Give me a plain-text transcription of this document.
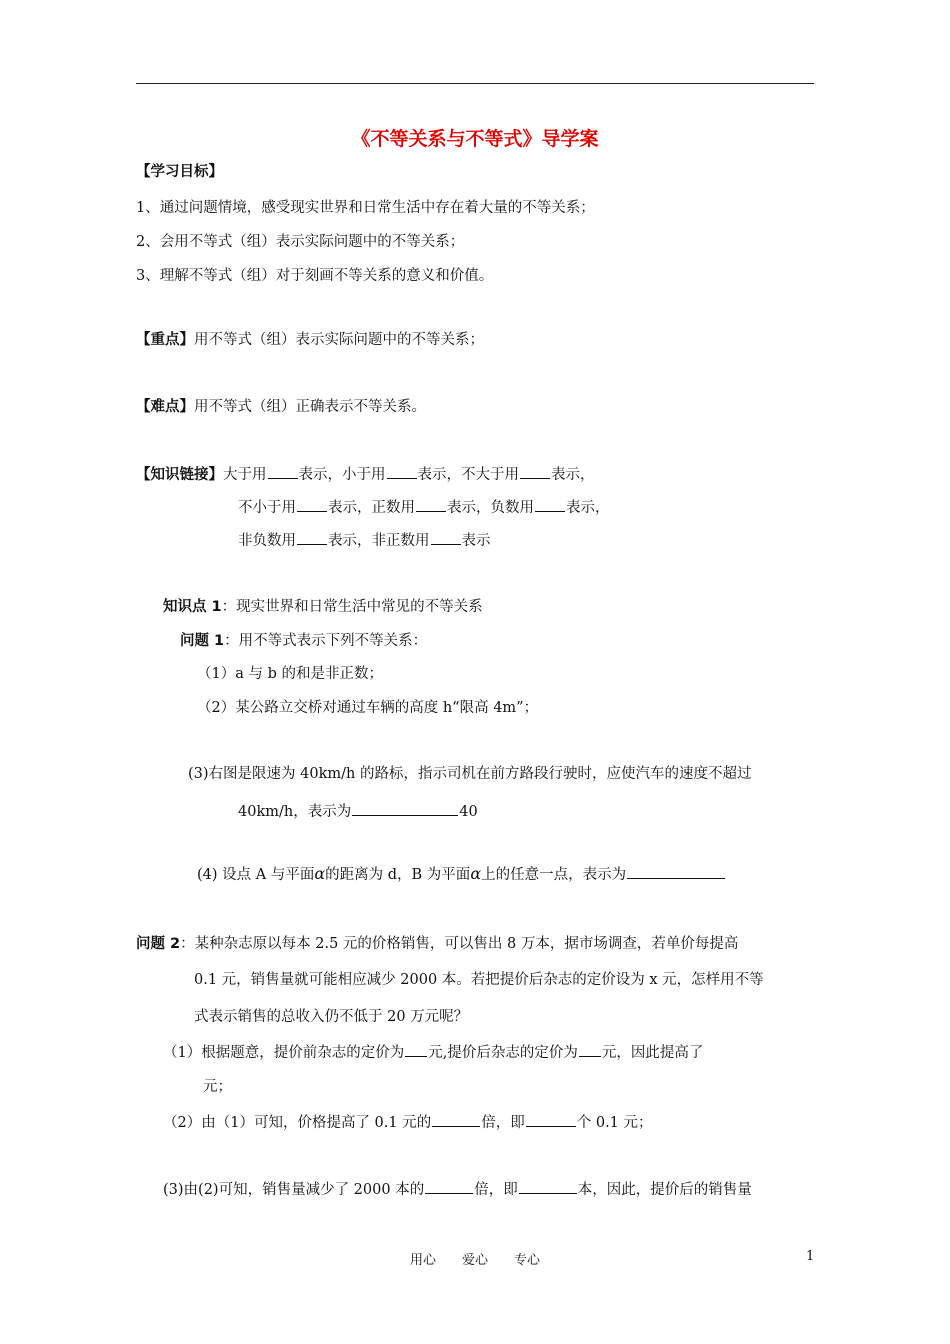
《不等关系与不等式》导学案
【学习目标】
1、通过问题情境，感受现实世界和日常生活中存在着大量的不等关系；
2、会用不等式（组）表示实际问题中的不等关系；
3、理解不等式（组）对于刻画不等关系的意义和价值。
【重点】用不等式（组）表示实际问题中的不等关系；
【难点】用不等式（组）正确表示不等关系。
【知识链接】大于用 表示，小于用 表示，不大于用 表示，
不小于用 表示，正数用 表示，负数用 表示，
非负数用 表示，非正数用 表示
知识点 1：现实世界和日常生活中常见的不等关系
问题 1：用不等式表示下列不等关系：
（1）a 与 b 的和是非正数；
（2）某公路立交桥对通过车辆的高度 h“限高 4m”；
(3)右图是限速为 40km/h 的路标，指示司机在前方路段行驶时，应使汽车的速度不超过
40km/h，表示为	40
(4) 设点 A 与平面α的距离为 d，B 为平面α上的任意一点，表示为
问题 2：某种杂志原以每本 2.5 元的价格销售，可以售出 8 万本，据市场调查，若单价每提高
0.1 元，销售量就可能相应减少 2000 本。若把提价后杂志的定价设为 x 元，怎样用不等
式表示销售的总收入仍不低于 20 万元呢？
（1）根据题意，提价前杂志的定价为 元,提价后杂志的定价为 元，因此提高了
元；
（2）由（1）可知，价格提高了 0.1 元的	倍，即	个 0.1 元；
(3)由(2)可知，销售量减少了 2000 本的	倍，即	本，因此，提价后的销售量
用心　　爱心　　专心	1
